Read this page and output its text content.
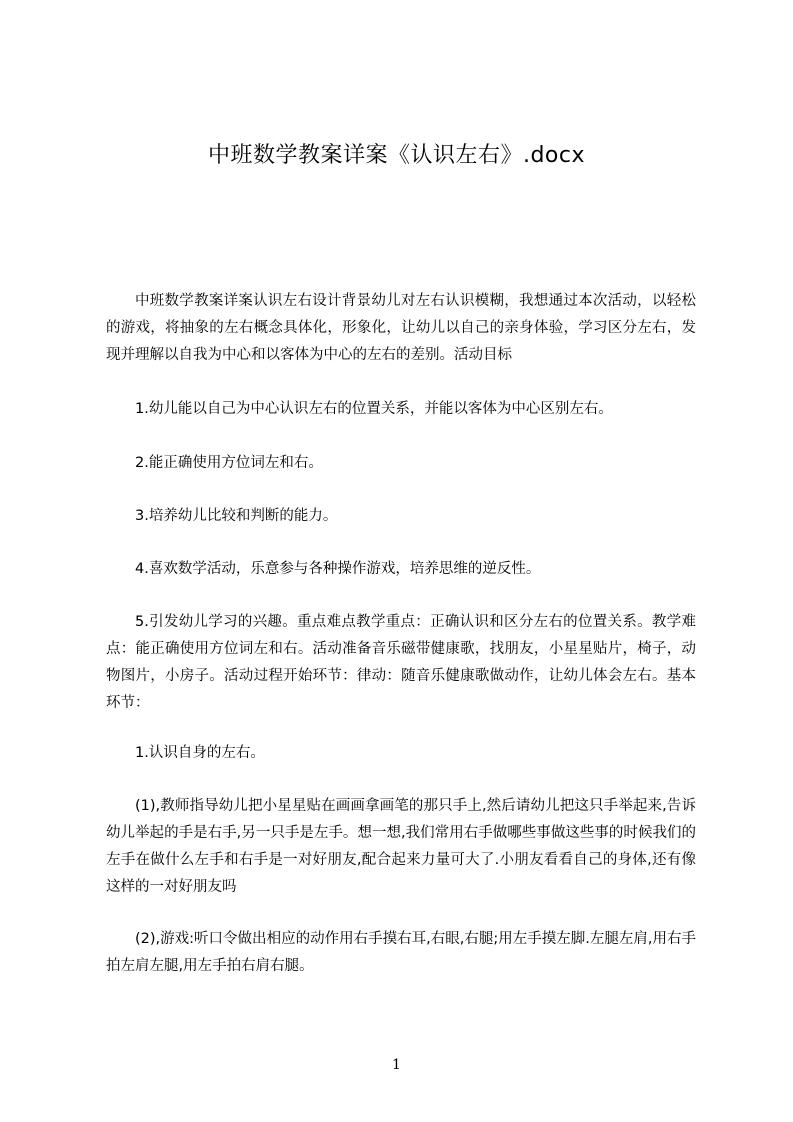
中班数学教案详案《认识左右》.docx

中班数学教案详案认识左右设计背景幼儿对左右认识模糊，我想通过本次活动，以轻松的游戏，将抽象的左右概念具体化，形象化，让幼儿以自己的亲身体验，学习区分左右，发现并理解以自我为中心和以客体为中心的左右的差别。活动目标

1.幼儿能以自己为中心认识左右的位置关系，并能以客体为中心区别左右。

2.能正确使用方位词左和右。

3.培养幼儿比较和判断的能力。

4.喜欢数学活动，乐意参与各种操作游戏，培养思维的逆反性。

5.引发幼儿学习的兴趣。重点难点教学重点：正确认识和区分左右的位置关系。教学难点：能正确使用方位词左和右。活动准备音乐磁带健康歌，找朋友，小星星贴片，椅子，动物图片，小房子。活动过程开始环节：律动：随音乐健康歌做动作，让幼儿体会左右。基本环节：

1.认识自身的左右。

(1),教师指导幼儿把小星星贴在画画拿画笔的那只手上,然后请幼儿把这只手举起来,告诉幼儿举起的手是右手,另一只手是左手。想一想,我们常用右手做哪些事做这些事的时候我们的左手在做什么左手和右手是一对好朋友,配合起来力量可大了.小朋友看看自己的身体,还有像这样的一对好朋友吗

(2),游戏:听口令做出相应的动作用右手摸右耳,右眼,右腿;用左手摸左脚.左腿左肩,用右手拍左肩左腿,用左手拍右肩右腿。

1
